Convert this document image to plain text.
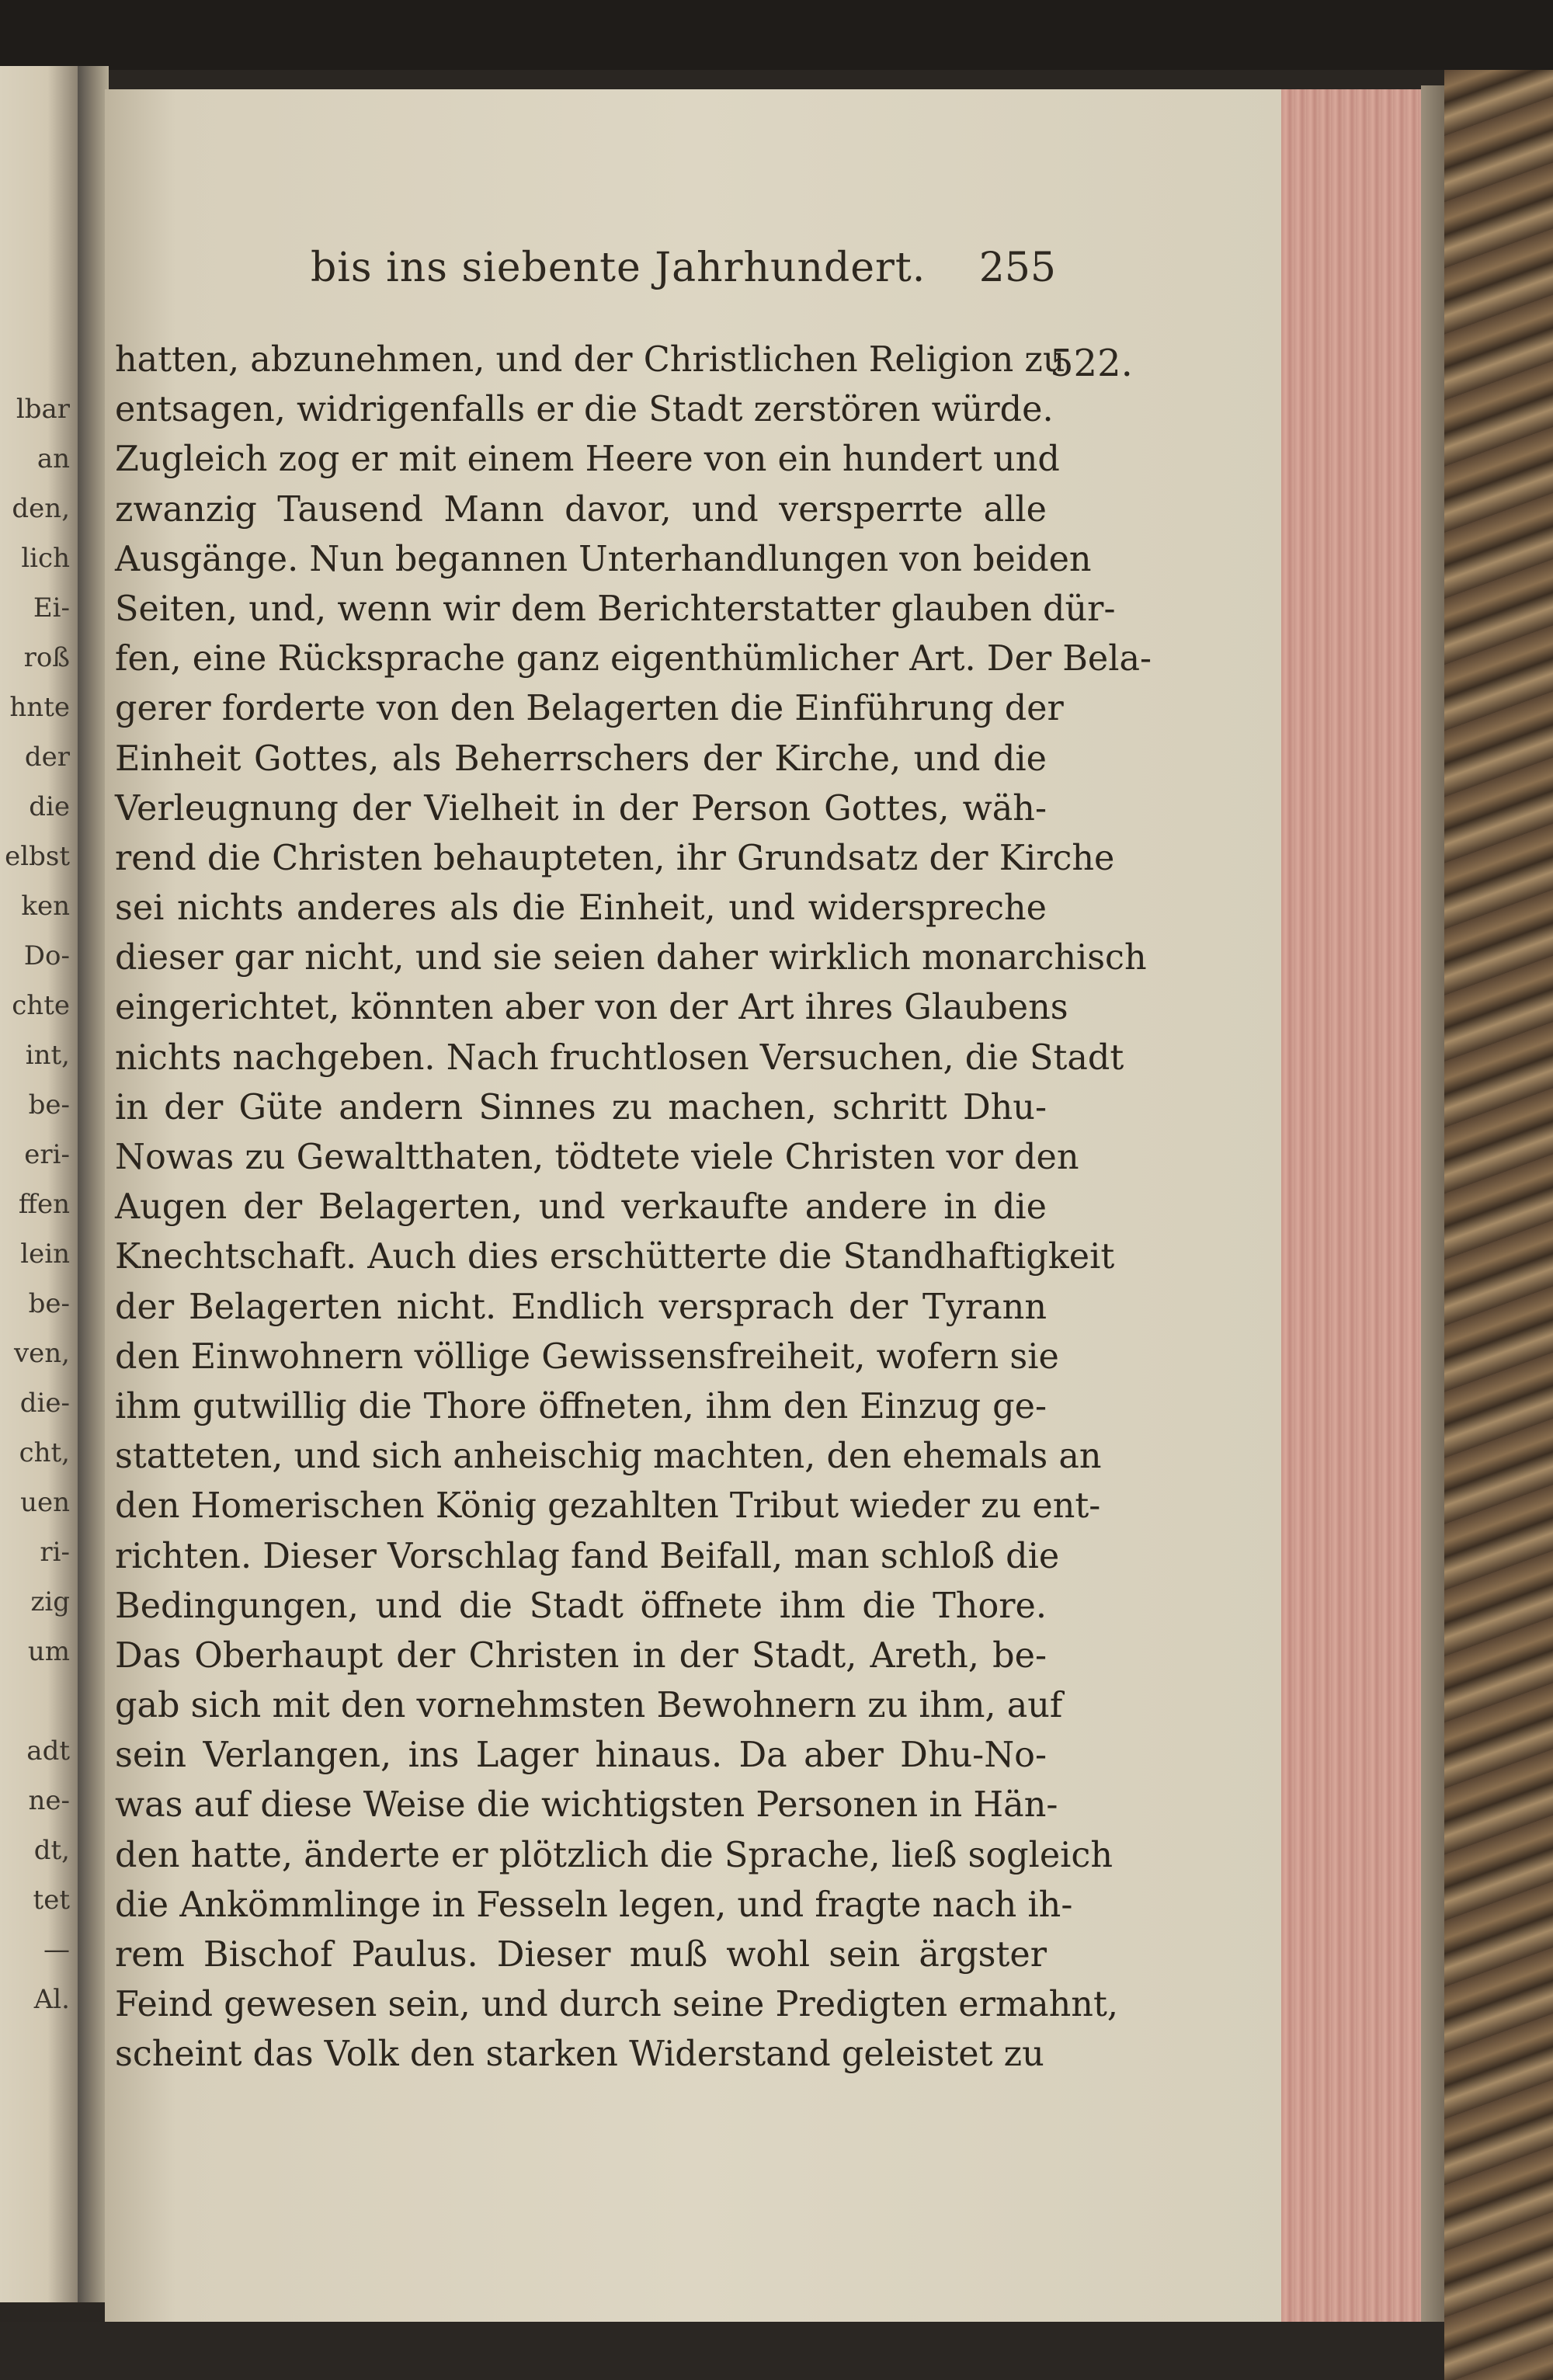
lbar
an
den,
lich
Ei-
roß
hnte
der
die
elbst
ken
Do-
chte
int,
be-
eri-
ffen
lein
be-
ven,
die-
cht,
uen
ri-
zig
um
adt
ne-
dt,
tet
—
Al.
bis ins siebente Jahrhundert. 255
522.
hatten, abzunehmen, und der Christlichen Religion zu
entsagen, widrigenfalls er die Stadt zerstören würde.
Zugleich zog er mit einem Heere von ein hundert und
zwanzig Tausend Mann davor, und versperrte alle
Ausgänge. Nun begannen Unterhandlungen von beiden
Seiten, und, wenn wir dem Berichterstatter glauben dür-
fen, eine Rücksprache ganz eigenthümlicher Art. Der Bela-
gerer forderte von den Belagerten die Einführung der
Einheit Gottes, als Beherrschers der Kirche, und die
Verleugnung der Vielheit in der Person Gottes, wäh-
rend die Christen behaupteten, ihr Grundsatz der Kirche
sei nichts anderes als die Einheit, und widerspreche
dieser gar nicht, und sie seien daher wirklich monarchisch
eingerichtet, könnten aber von der Art ihres Glaubens
nichts nachgeben. Nach fruchtlosen Versuchen, die Stadt
in der Güte andern Sinnes zu machen, schritt Dhu-
Nowas zu Gewaltthaten, tödtete viele Christen vor den
Augen der Belagerten, und verkaufte andere in die
Knechtschaft. Auch dies erschütterte die Standhaftigkeit
der Belagerten nicht. Endlich versprach der Tyrann
den Einwohnern völlige Gewissensfreiheit, wofern sie
ihm gutwillig die Thore öffneten, ihm den Einzug ge-
statteten, und sich anheischig machten, den ehemals an
den Homerischen König gezahlten Tribut wieder zu ent-
richten. Dieser Vorschlag fand Beifall, man schloß die
Bedingungen, und die Stadt öffnete ihm die Thore.
Das Oberhaupt der Christen in der Stadt, Areth, be-
gab sich mit den vornehmsten Bewohnern zu ihm, auf
sein Verlangen, ins Lager hinaus. Da aber Dhu-No-
was auf diese Weise die wichtigsten Personen in Hän-
den hatte, änderte er plötzlich die Sprache, ließ sogleich
die Ankömmlinge in Fesseln legen, und fragte nach ih-
rem Bischof Paulus. Dieser muß wohl sein ärgster
Feind gewesen sein, und durch seine Predigten ermahnt,
scheint das Volk den starken Widerstand geleistet zu
